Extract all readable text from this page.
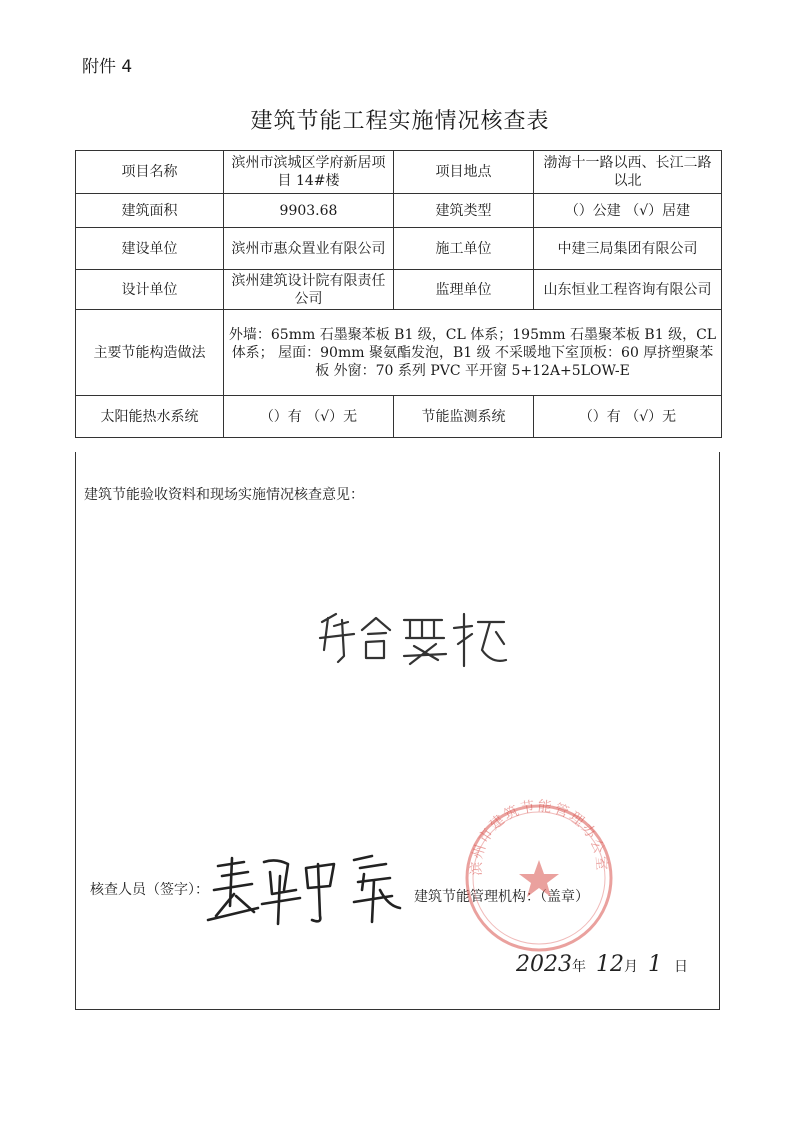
附件 4
建筑节能工程实施情况核查表
项目名称	滨州市滨城区学府新居项目 14#楼	项目地点	渤海十一路以西、长江二路以北
建筑面积	9903.68	建筑类型	（）公建 （√）居建
建设单位	滨州市惠众置业有限公司	施工单位	中建三局集团有限公司
设计单位	滨州建筑设计院有限责任公司	监理单位	山东恒业工程咨询有限公司
主要节能构造做法	外墙：65mm 石墨聚苯板 B1 级，CL 体系；195mm 石墨聚苯板 B1 级，CL 体系； 屋面：90mm 聚氨酯发泡，B1 级 不采暖地下室顶板：60 厚挤塑聚苯板 外窗：70 系列 PVC 平开窗 5+12A+5LOW-E		
太阳能热水系统	（）有 （√）无	节能监测系统	（）有 （√）无
建筑节能验收资料和现场实施情况核查意见：
核查人员（签字）：	建筑节能管理机构：（盖章）
滨州市建筑节能管理办公室
2023年 12月 1 日
